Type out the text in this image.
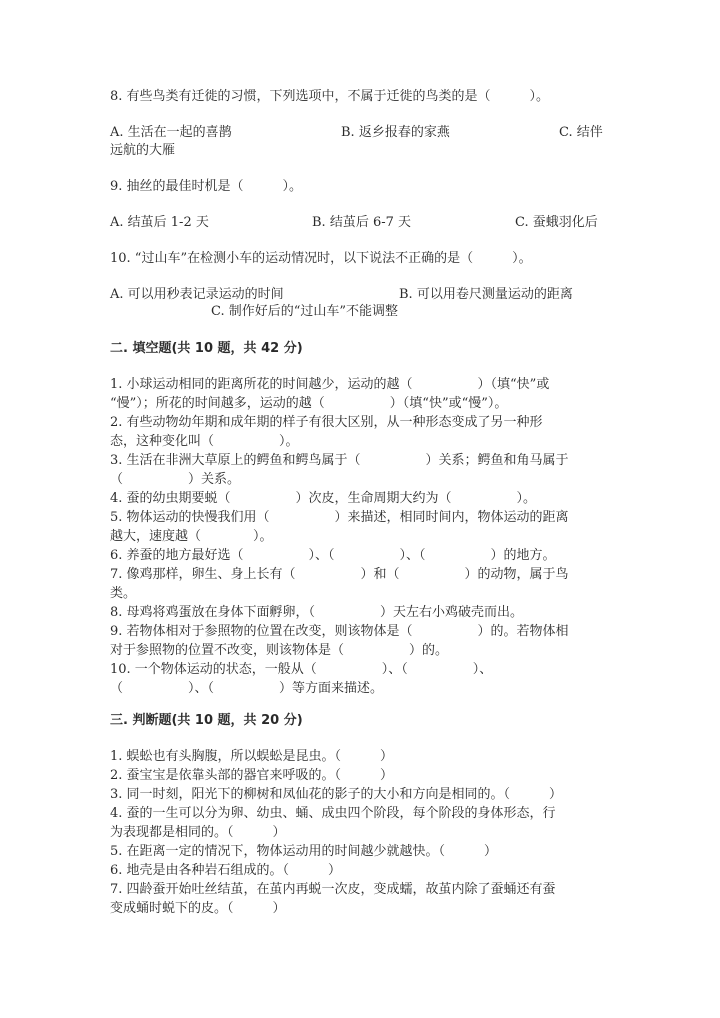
8. 有些鸟类有迁徙的习惯，下列选项中，不属于迁徙的鸟类的是（　　　）。
A. 生活在一起的喜鹊	B. 返乡报春的家燕	C. 结伴
远航的大雁
9. 抽丝的最佳时机是（　　　）。
A. 结茧后 1-2 天	B. 结茧后 6-7 天	C. 蚕蛾羽化后
10. “过山车”在检测小车的运动情况时，以下说法不正确的是（　　　）。
A. 可以用秒表记录运动的时间	B. 可以用卷尺测量运动的距离
C. 制作好后的“过山车”不能调整
二. 填空题(共 10 题，共 42 分)
1. 小球运动相同的距离所花的时间越少，运动的越（　　　　　）（填“快”或
“慢”）；所花的时间越多，运动的越（　　　　　）（填“快”或“慢”）。
2. 有些动物幼年期和成年期的样子有很大区别，从一种形态变成了另一种形
态，这种变化叫（　　　　　）。
3. 生活在非洲大草原上的鳄鱼和鳄鸟属于（　　　　　）关系；鳄鱼和角马属于
（　　　　　）关系。
4. 蚕的幼虫期要蜕（　　　　　）次皮，生命周期大约为（　　　　　）。
5. 物体运动的快慢我们用（　　　　　）来描述，相同时间内，物体运动的距离
越大，速度越（　　　　）。
6. 养蚕的地方最好选（　　　　　）、（　　　　　）、（　　　　　）的地方。
7. 像鸡那样，卵生、身上长有（　　　　　）和（　　　　　）的动物，属于鸟
类。
8. 母鸡将鸡蛋放在身体下面孵卵，（　　　　　）天左右小鸡破壳而出。
9. 若物体相对于参照物的位置在改变，则该物体是（　　　　　）的。若物体相
对于参照物的位置不改变，则该物体是（　　　　　）的。
10. 一个物体运动的状态，一般从（　　　　　）、（　　　　　）、
（　　　　　）、（　　　　　）等方面来描述。
三. 判断题(共 10 题，共 20 分)
1. 蜈蚣也有头胸腹，所以蜈蚣是昆虫。（　　　）
2. 蚕宝宝是依靠头部的器官来呼吸的。（　　　）
3. 同一时刻，阳光下的柳树和凤仙花的影子的大小和方向是相同的。（　　　）
4. 蚕的一生可以分为卵、幼虫、蛹、成虫四个阶段，每个阶段的身体形态，行
为表现都是相同的。（　　　）
5. 在距离一定的情况下，物体运动用的时间越少就越快。（　　　）
6. 地壳是由各种岩石组成的。（　　　）
7. 四龄蚕开始吐丝结茧，在茧内再蜕一次皮，变成蠕，故茧内除了蚕蛹还有蚕
变成蛹时蜕下的皮。（　　　）
